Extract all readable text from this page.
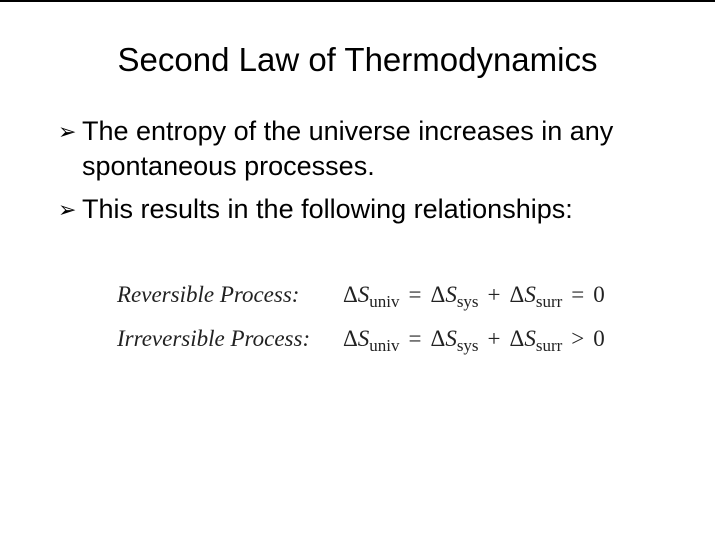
Second Law of Thermodynamics
➢ The entropy of the universe increases in any spontaneous processes.
➢ This results in the following relationships:
Reversible Process:	$\Delta S_{univ} = \Delta S_{sys} + \Delta S_{surr} = 0$
Irreversible Process:	$\Delta S_{univ} = \Delta S_{sys} + \Delta S_{surr} > 0$
